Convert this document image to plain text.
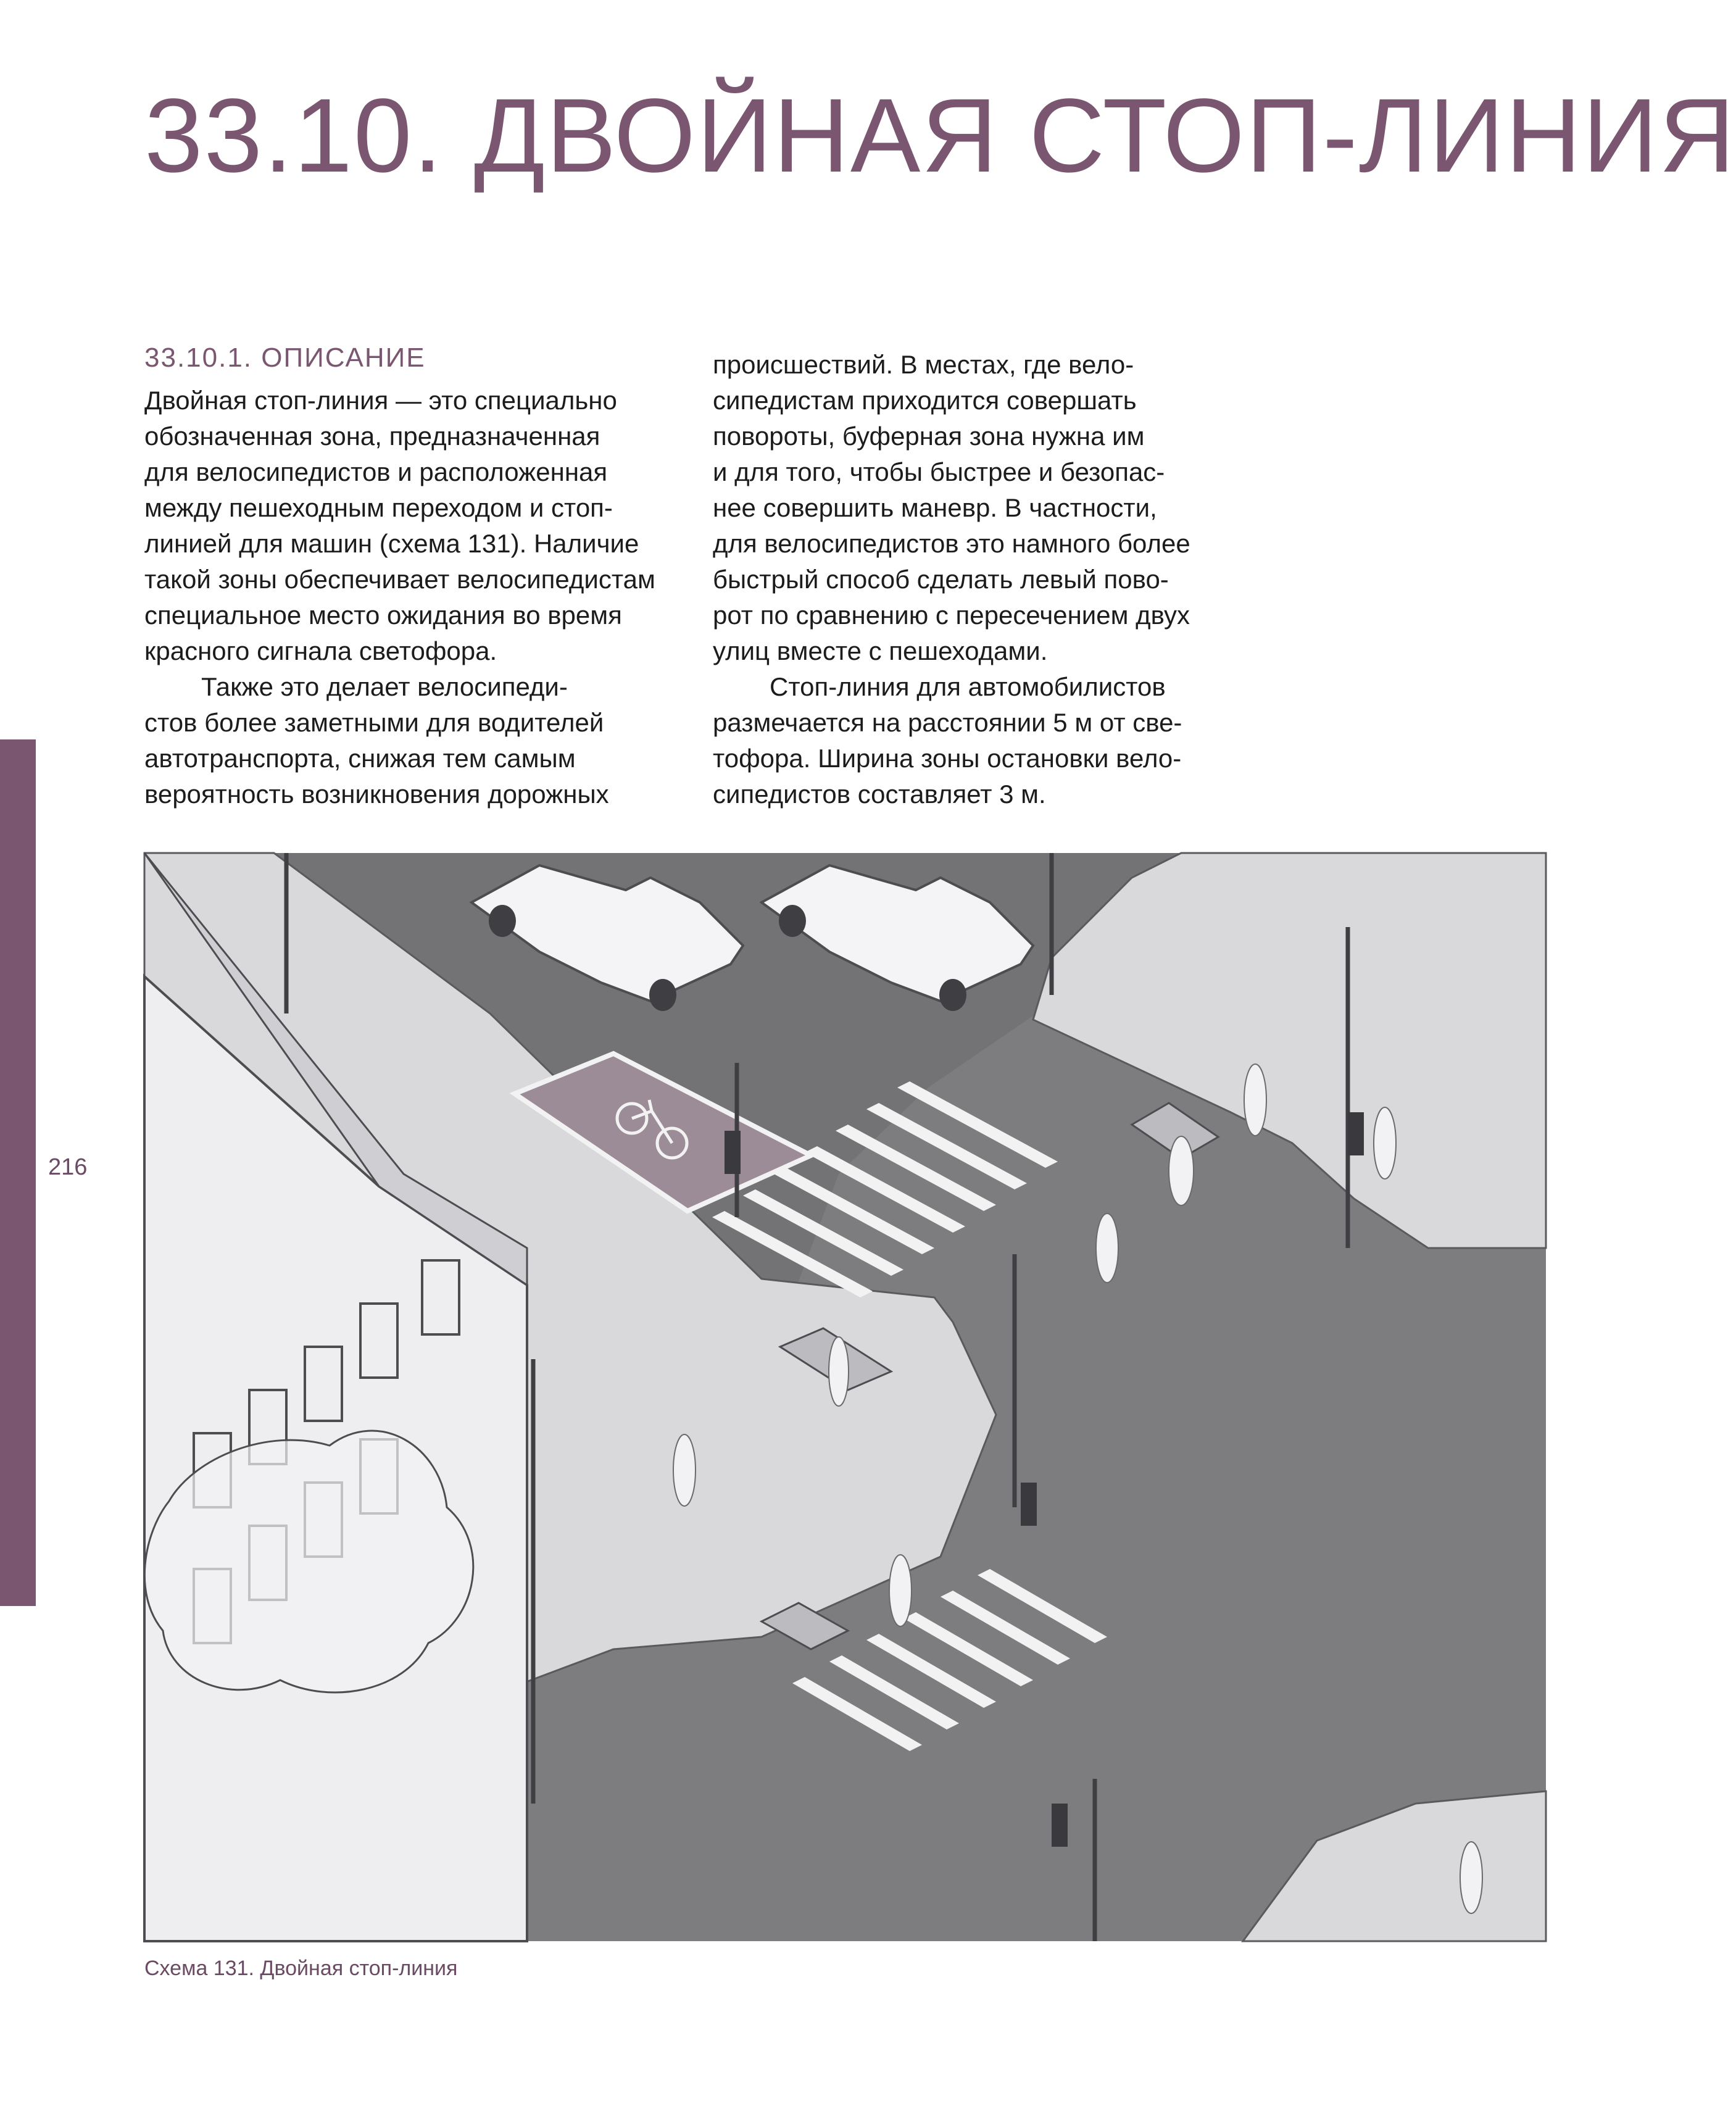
216
33.10. ДВОЙНАЯ СТОП-ЛИНИЯ
33.10.1. ОПИСАНИЕ
Двойная стоп-линия — это специально
обозначенная зона, предназначенная
для велосипедистов и расположенная
между пешеходным переходом и стоп-
линией для машин (схема 131). Наличие
такой зоны обеспечивает велосипедистам
специальное место ожидания во время
красного сигнала светофора.
Также это делает велосипеди-
стов более заметными для водителей
автотранспорта, снижая тем самым
вероятность возникновения дорожных
происшествий. В местах, где вело-
сипедистам приходится совершать
повороты, буферная зона нужна им
и для того, чтобы быстрее и безопас-
нее совершить маневр. В частности,
для велосипедистов это намного более
быстрый способ сделать левый пово-
рот по сравнению с пересечением двух
улиц вместе с пешеходами.
Стоп-линия для автомобилистов
размечается на расстоянии 5 м от све-
тофора. Ширина зоны остановки вело-
сипедистов составляет 3 м.
Схема 131. Двойная стоп-линия
